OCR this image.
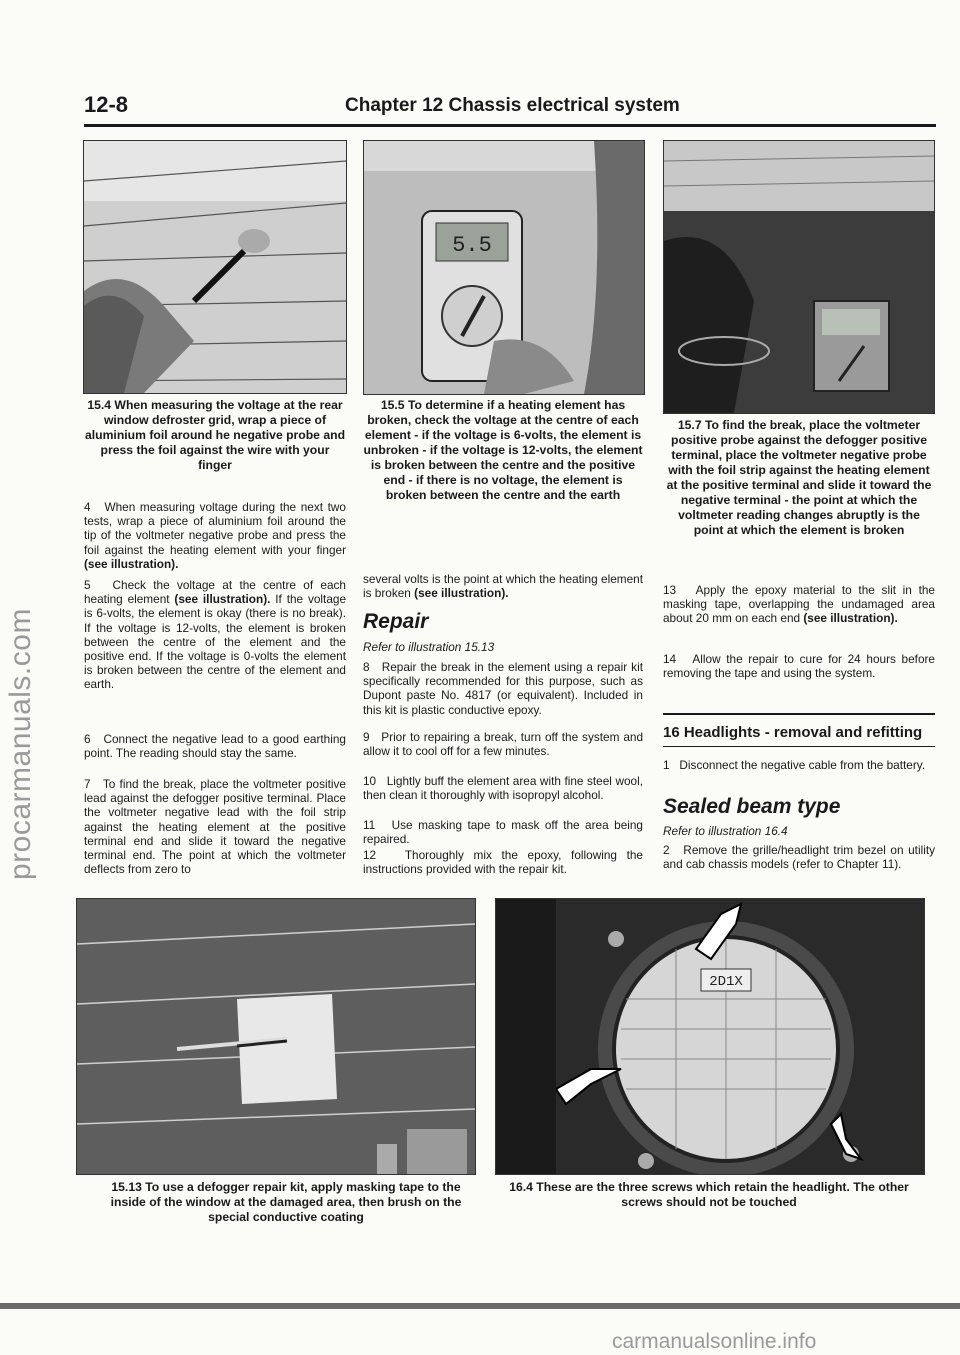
12-8	Chapter 12 Chassis electrical system
5.5
15.4 When measuring the voltage at the rear window defroster grid, wrap a piece of aluminium foil around he negative probe and press the foil against the wire with your finger
15.5 To determine if a heating element has broken, check the voltage at the centre of each element - if the voltage is 6-volts, the element is unbroken - if the voltage is 12-volts, the element is broken between the centre and the positive end - if there is no voltage, the element is broken between the centre and the earth
15.7 To find the break, place the voltmeter positive probe against the defogger positive terminal, place the voltmeter negative probe with the foil strip against the heating element at the positive terminal and slide it toward the negative terminal - the point at which the voltmeter reading changes abruptly is the point at which the element is broken
4 When measuring voltage during the next two tests, wrap a piece of aluminium foil around the tip of the voltmeter negative probe and press the foil against the heating element with your finger (see illustration).
5 Check the voltage at the centre of each heating element (see illustration). If the voltage is 6-volts, the element is okay (there is no break). If the voltage is 12-volts, the element is broken between the centre of the element and the positive end. If the voltage is 0-volts the element is broken between the centre of the element and earth.
6 Connect the negative lead to a good earthing point. The reading should stay the same.
7 To find the break, place the voltmeter positive lead against the defogger positive terminal. Place the voltmeter negative lead with the foil strip against the heating element at the positive terminal end and slide it toward the negative terminal end. The point at which the voltmeter deflects from zero to
several volts is the point at which the heating element is broken (see illustration).
Repair
Refer to illustration 15.13
8 Repair the break in the element using a repair kit specifically recommended for this purpose, such as Dupont paste No. 4817 (or equivalent). Included in this kit is plastic conductive epoxy.
9 Prior to repairing a break, turn off the system and allow it to cool off for a few minutes.
10 Lightly buff the element area with fine steel wool, then clean it thoroughly with isopropyl alcohol.
11 Use masking tape to mask off the area being repaired.
12 Thoroughly mix the epoxy, following the instructions provided with the repair kit.
13 Apply the epoxy material to the slit in the masking tape, overlapping the undamaged area about 20 mm on each end (see illustration).
14 Allow the repair to cure for 24 hours before removing the tape and using the system.
16 Headlights - removal and refitting
1 Disconnect the negative cable from the battery.
Sealed beam type
Refer to illustration 16.4
2 Remove the grille/headlight trim bezel on utility and cab chassis models (refer to Chapter 11).
2D1X
15.13 To use a defogger repair kit, apply masking tape to the inside of the window at the damaged area, then brush on the special conductive coating
16.4 These are the three screws which retain the headlight. The other screws should not be touched
procarmanuals.com
carmanualsonline.info
